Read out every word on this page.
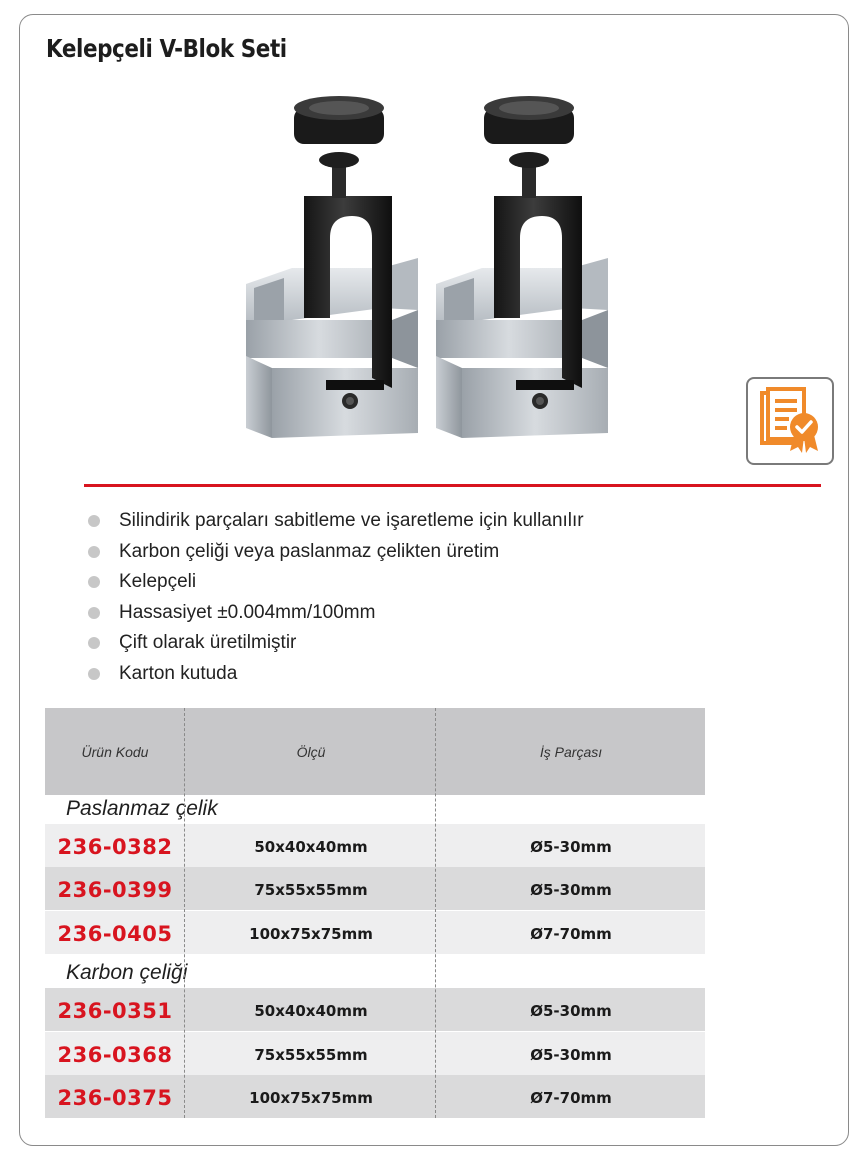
Kelepçeli V-Blok Seti
Silindirik parçaları sabitleme ve işaretleme için kullanılır
Karbon çeliği veya paslanmaz çelikten üretim
Kelepçeli
Hassasiyet ±0.004mm/100mm
Çift olarak üretilmiştir
Karton kutuda
Ürün Kodu	Ölçü	İş Parçası
Paslanmaz çelik
236-0382	50x40x40mm	Ø5-30mm
236-0399	75x55x55mm	Ø5-30mm
236-0405	100x75x75mm	Ø7-70mm
Karbon çeliği
236-0351	50x40x40mm	Ø5-30mm
236-0368	75x55x55mm	Ø5-30mm
236-0375	100x75x75mm	Ø7-70mm
